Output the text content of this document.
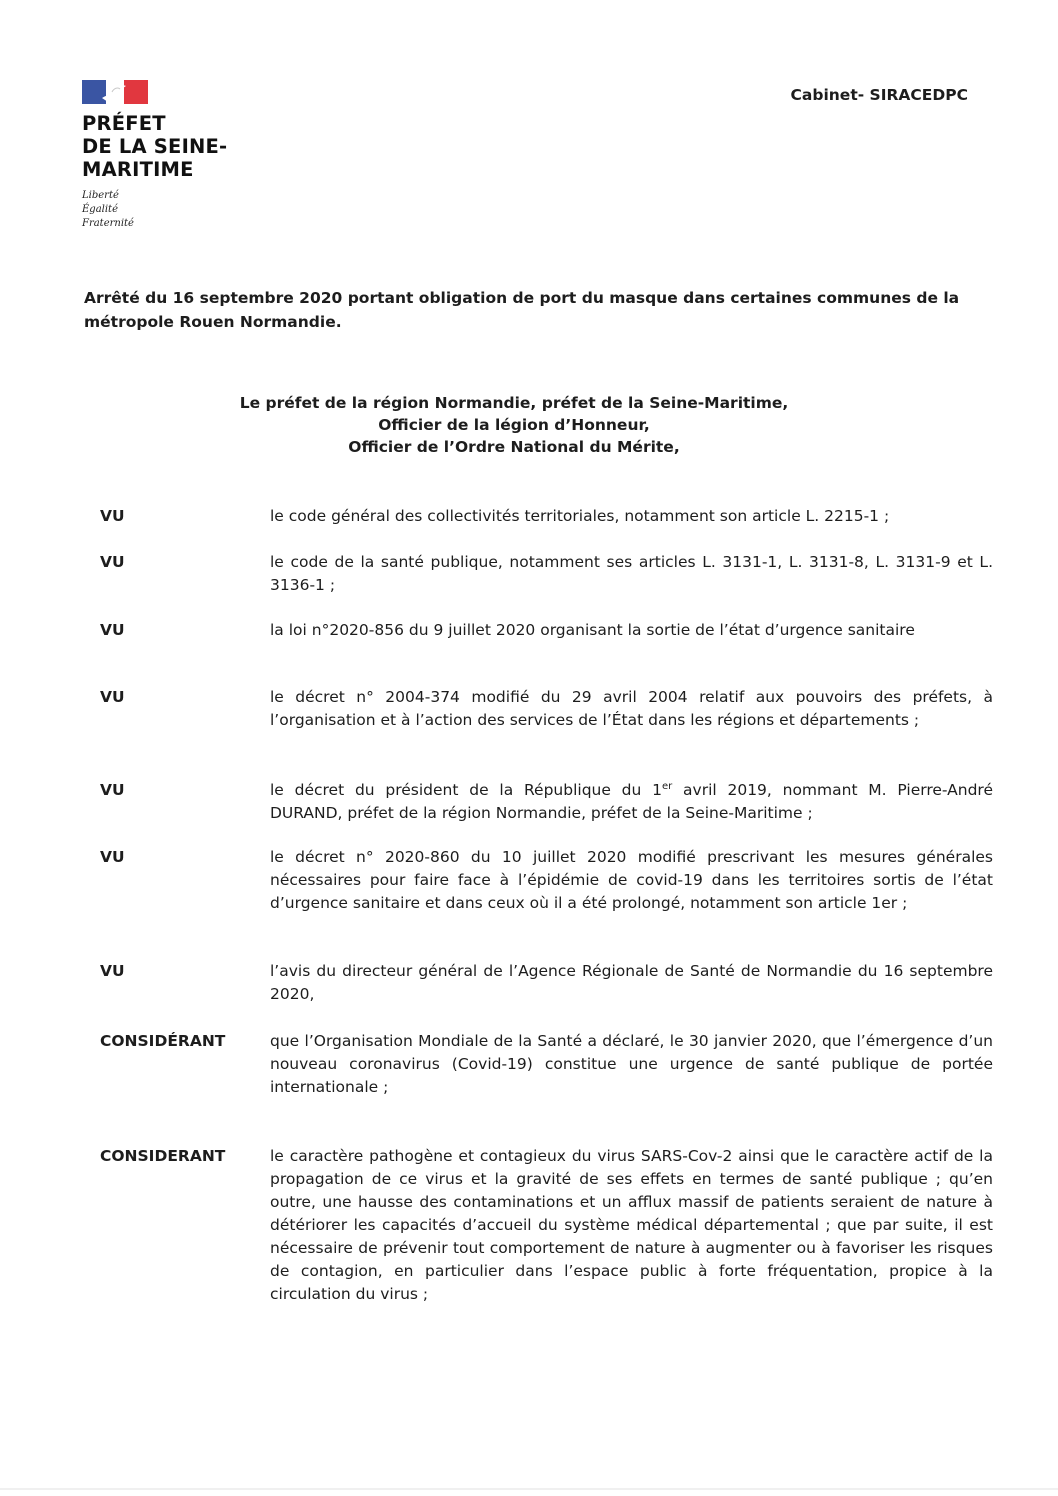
PRÉFET
DE LA SEINE-
MARITIME
Liberté
Égalité
Fraternité
Cabinet- SIRACEDPC
Arrêté du 16 septembre 2020 portant obligation de port du masque dans certaines communes de la métropole Rouen Normandie.
Le préfet de la région Normandie, préfet de la Seine-Maritime,
Officier de la légion d’Honneur,
Officier de l’Ordre National du Mérite,
VU	le code général des collectivités territoriales, notamment son article L. 2215-1 ;
VU	le code de la santé publique, notamment ses articles L. 3131-1, L. 3131-8, L. 3131-9 et L. 3136-1 ;
VU	la loi n°2020-856 du 9 juillet 2020 organisant la sortie de l’état d’urgence sanitaire
VU	le décret n° 2004-374 modifié du 29 avril 2004 relatif aux pouvoirs des préfets, à l’organisation et à l’action des services de l’État dans les régions et départements ;
VU	le décret du président de la République du 1er avril 2019, nommant M. Pierre-André DURAND, préfet de la région Normandie, préfet de la Seine-Maritime ;
VU	le décret n° 2020-860 du 10 juillet 2020 modifié prescrivant les mesures générales nécessaires pour faire face à l’épidémie de covid-19 dans les territoires sortis de l’état d’urgence sanitaire et dans ceux où il a été prolongé, notamment son article 1er ;
VU	l’avis du directeur général de l’Agence Régionale de Santé de Normandie du 16 septembre 2020,
CONSIDÉRANT	que l’Organisation Mondiale de la Santé a déclaré, le 30 janvier 2020, que l’émergence d’un nouveau coronavirus (Covid-19) constitue une urgence de santé publique de portée internationale ;
CONSIDERANT	le caractère pathogène et contagieux du virus SARS-Cov-2 ainsi que le caractère actif de la propagation de ce virus et la gravité de ses effets en termes de santé publique ; qu’en outre, une hausse des contaminations et un afflux massif de patients seraient de nature à détériorer les capacités d’accueil du système médical départemental ; que par suite, il est nécessaire de prévenir tout comportement de nature à augmenter ou à favoriser les risques de contagion, en particulier dans l’espace public à forte fréquentation, propice à la circulation du virus ;
